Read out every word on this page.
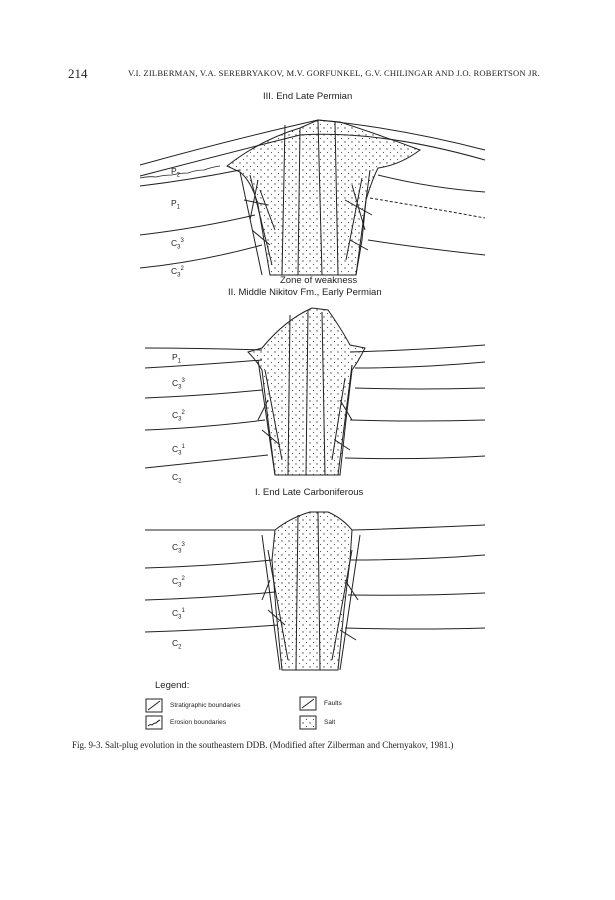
214	V.I. ZILBERMAN, V.A. SEREBRYAKOV, M.V. GORFUNKEL, G.V. CHILINGAR AND J.O. ROBERTSON JR.
III. End Late Permian
$P_2$
$P_1$
$C_3^3$
$C_3^2$
Zone of weakness
II. Middle Nikitov Fm., Early Permian
$P_1$
$C_3^3$
$C_3^2$
$C_3^1$
$C_2$
I. End Late Carboniferous
$C_3^3$
$C_3^2$
$C_3^1$
$C_2$
Legend:
Stratigraphic boundaries
Erosion boundaries
Faults
Salt
Fig. 9-3. Salt-plug evolution in the southeastern DDB. (Modified after Zilberman and Chernyakov, 1981.)
